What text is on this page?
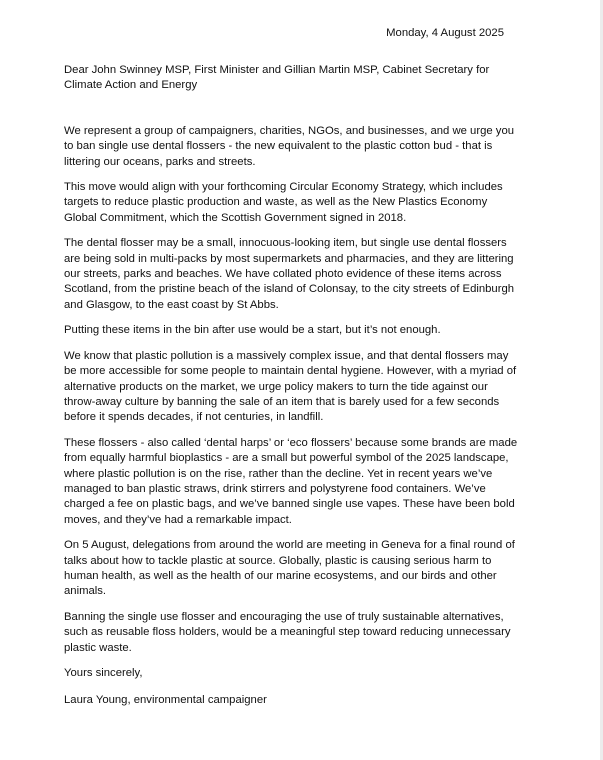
Monday, 4 August 2025

Dear John Swinney MSP, First Minister and Gillian Martin MSP, Cabinet Secretary for Climate Action and Energy

We represent a group of campaigners, charities, NGOs, and businesses, and we urge you to ban single use dental flossers - the new equivalent to the plastic cotton bud - that is littering our oceans, parks and streets.

This move would align with your forthcoming Circular Economy Strategy, which includes targets to reduce plastic production and waste, as well as the New Plastics Economy Global Commitment, which the Scottish Government signed in 2018.

The dental flosser may be a small, innocuous-looking item, but single use dental flossers are being sold in multi-packs by most supermarkets and pharmacies, and they are littering our streets, parks and beaches. We have collated photo evidence of these items across Scotland, from the pristine beach of the island of Colonsay, to the city streets of Edinburgh and Glasgow, to the east coast by St Abbs.

Putting these items in the bin after use would be a start, but it’s not enough.

We know that plastic pollution is a massively complex issue, and that dental flossers may be more accessible for some people to maintain dental hygiene. However, with a myriad of alternative products on the market, we urge policy makers to turn the tide against our throw-away culture by banning the sale of an item that is barely used for a few seconds before it spends decades, if not centuries, in landfill.

These flossers - also called ‘dental harps’ or ‘eco flossers’ because some brands are made from equally harmful bioplastics - are a small but powerful symbol of the 2025 landscape, where plastic pollution is on the rise, rather than the decline. Yet in recent years we’ve managed to ban plastic straws, drink stirrers and polystyrene food containers. We’ve charged a fee on plastic bags, and we’ve banned single use vapes. These have been bold moves, and they’ve had a remarkable impact.

On 5 August, delegations from around the world are meeting in Geneva for a final round of talks about how to tackle plastic at source. Globally, plastic is causing serious harm to human health, as well as the health of our marine ecosystems, and our birds and other animals.

Banning the single use flosser and encouraging the use of truly sustainable alternatives, such as reusable floss holders, would be a meaningful step toward reducing unnecessary plastic waste.

Yours sincerely,

Laura Young, environmental campaigner
